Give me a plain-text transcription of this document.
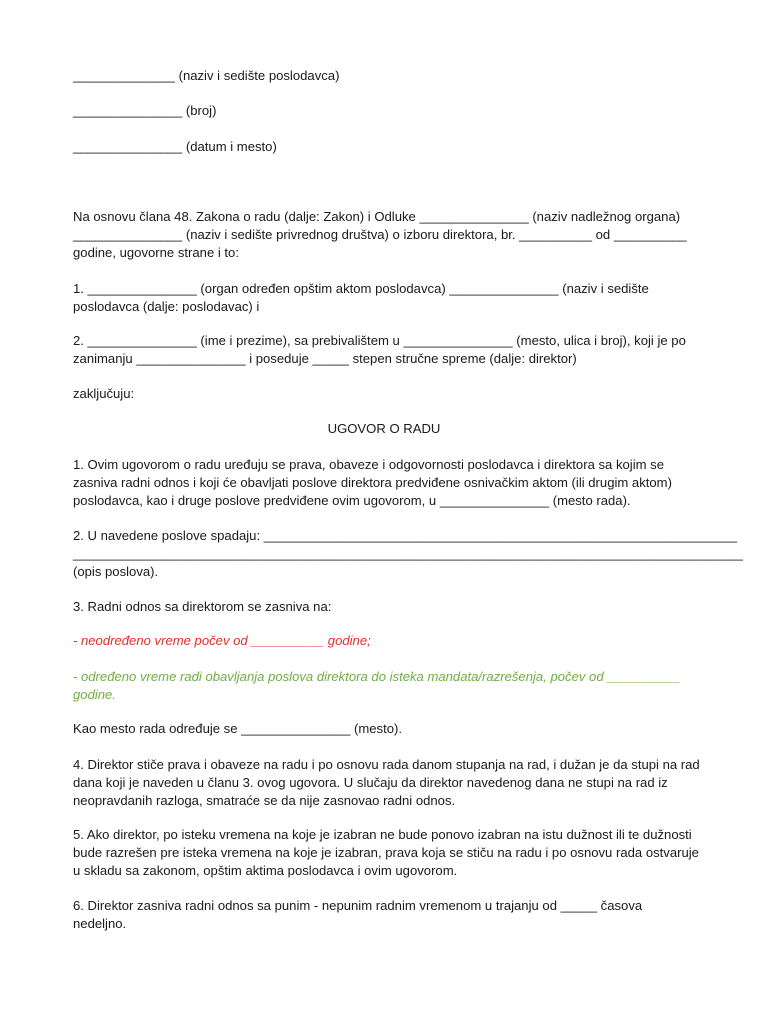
______________ (naziv i sedište poslodavca)
_______________ (broj)
_______________ (datum i mesto)
Na osnovu člana 48. Zakona o radu (dalje: Zakon) i Odluke _______________ (naziv nadležnog organa)
_______________ (naziv i sedište privrednog društva) o izboru direktora, br. __________ od __________
godine, ugovorne strane i to:
1. _______________ (organ određen opštim aktom poslodavca) _______________ (naziv i sedište
poslodavca (dalje: poslodavac) i
2. _______________ (ime i prezime), sa prebivalištem u _______________ (mesto, ulica i broj), koji je po
zanimanju _______________ i poseduje _____ stepen stručne spreme (dalje: direktor)
zaključuju:
UGOVOR O RADU
1. Ovim ugovorom o radu uređuju se prava, obaveze i odgovornosti poslodavca i direktora sa kojim se
zasniva radni odnos i koji će obavljati poslove direktora predviđene osnivačkim aktom (ili drugim aktom)
poslodavca, kao i druge poslove predviđene ovim ugovorom, u _______________ (mesto rada).
2. U navedene poslove spadaju: _________________________________________________________________
____________________________________________________________________________________________
(opis poslova).
3. Radni odnos sa direktorom se zasniva na:
- neodređeno vreme počev od __________ godine;
- određeno vreme radi obavljanja poslova direktora do isteka mandata/razrešenja, počev od __________
godine.
Kao mesto rada određuje se _______________ (mesto).
4. Direktor stiče prava i obaveze na radu i po osnovu rada danom stupanja na rad, i dužan je da stupi na rad
dana koji je naveden u članu 3. ovog ugovora. U slučaju da direktor navedenog dana ne stupi na rad iz
neopravdanih razloga, smatraće se da nije zasnovao radni odnos.
5. Ako direktor, po isteku vremena na koje je izabran ne bude ponovo izabran na istu dužnost ili te dužnosti
bude razrešen pre isteka vremena na koje je izabran, prava koja se stiču na radu i po osnovu rada ostvaruje
u skladu sa zakonom, opštim aktima poslodavca i ovim ugovorom.
6. Direktor zasniva radni odnos sa punim - nepunim radnim vremenom u trajanju od _____ časova
nedeljno.
